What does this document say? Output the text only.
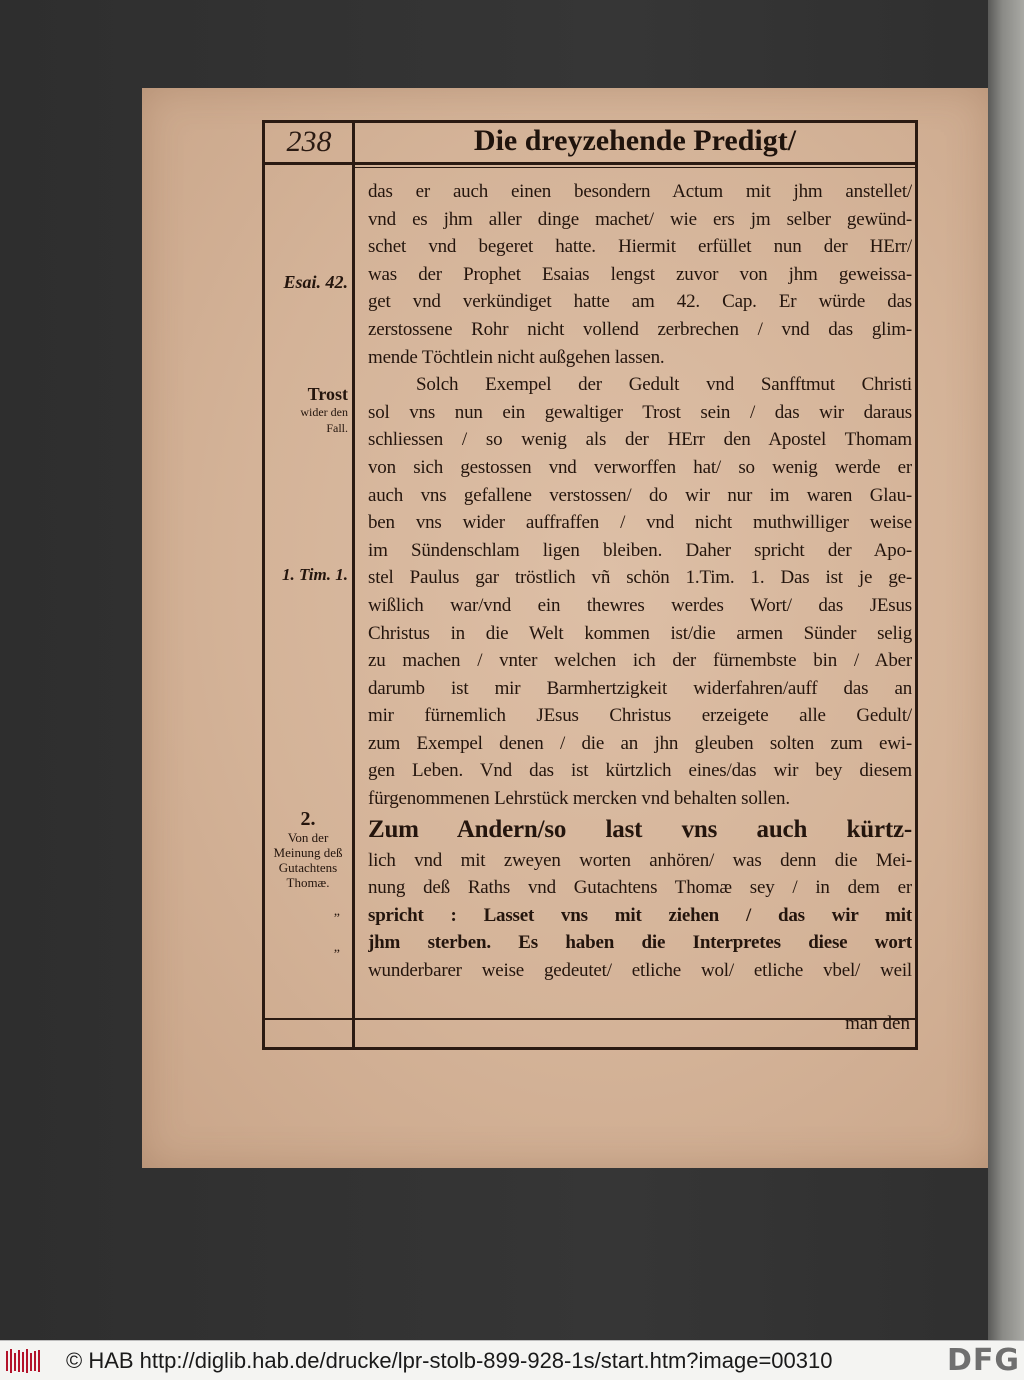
238	Die dreyzehende Predigt/
das er auch einen besondern Actum mit jhm anstellet/
vnd es jhm aller dinge machet/ wie ers jm selber gewünd-
schet vnd begeret hatte. Hiermit erfüllet nun der HErr/
was der Prophet Esaias lengst zuvor von jhm geweissa-
get vnd verkündiget hatte am 42. Cap. Er würde das
zerstossene Rohr nicht vollend zerbrechen / vnd das glim-
mende Töchtlein nicht außgehen lassen.
Solch Exempel der Gedult vnd Sanfftmut Christi
sol vns nun ein gewaltiger Trost sein / das wir daraus
schliessen / so wenig als der HErr den Apostel Thomam
von sich gestossen vnd verworffen hat/ so wenig werde er
auch vns gefallene verstossen/ do wir nur im waren Glau-
ben vns wider auffraffen / vnd nicht muthwilliger weise
im Sündenschlam ligen bleiben. Daher spricht der Apo-
stel Paulus gar tröstlich vñ schön 1.Tim. 1. Das ist je ge-
wißlich war/vnd ein thewres werdes Wort/ das JEsus
Christus in die Welt kommen ist/die armen Sünder selig
zu machen / vnter welchen ich der fürnembste bin / Aber
darumb ist mir Barmhertzigkeit widerfahren/auff das an
mir fürnemlich JEsus Christus erzeigete alle Gedult/
zum Exempel denen / die an jhn gleuben solten zum ewi-
gen Leben. Vnd das ist kürtzlich eines/das wir bey diesem
fürgenommenen Lehrstück mercken vnd behalten sollen.
Zum Andern/so last vns auch kürtz-
lich vnd mit zweyen worten anhören/ was denn die Mei-
nung deß Raths vnd Gutachtens Thomæ sey / in dem er
spricht : Lasset vns mit ziehen / das wir mit
jhm sterben. Es haben die Interpretes diese wort
wunderbarer weise gedeutet/ etliche wol/ etliche vbel/ weil
man den
Esai. 42.
Trost
wider den
Fall.
1. Tim. 1.
2.
Von der
Meinung deß
Gutachtens
Thomæ.
„
„
© HAB http://diglib.hab.de/drucke/lpr-stolb-899-928-1s/start.htm?image=00310	DFG
